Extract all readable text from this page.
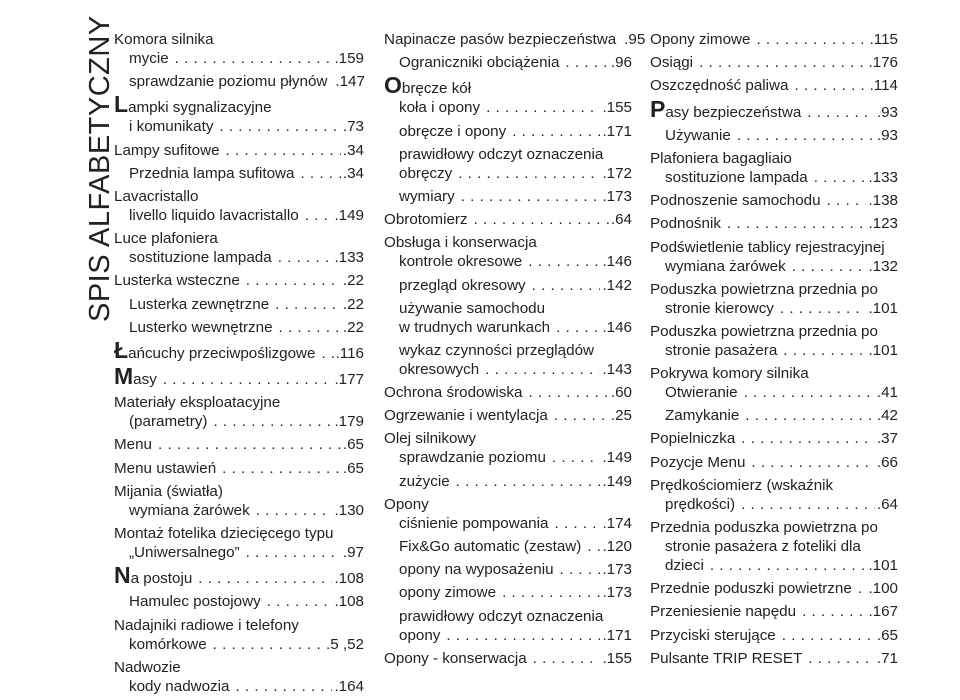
SPIS ALFABETYCZNY
Komora silnika
mycie . . .	.159
sprawdzanie poziomu płynów .147
L ampki sygnalizacyjne
i komunikaty . . .	.73
Lampy sufitowe . . .	.34
Przednia lampa sufitowa . . .	.34
Lavacristallo
livello liquido lavacristallo . . . .149
Luce plafoniera
sostituzione lampada . . .	.133
Lusterka wsteczne . . .	.22
Lusterka zewnętrzne . . .	.22
Lusterko wewnętrzne . . .	.22
Ł ańcuchy przeciwpoślizgowe . . . .116
M asy . . .	.177
Materiały eksploatacyjne
(parametry) . . .	.179
Menu . . .	.65
Menu ustawień . . .	.65
Mijania (światła)
wymiana żarówek . . .	.130
Montaż fotelika dziecięcego typu
„Uniwersalnego” . . .	.97
N a postoju . . .	.108
Hamulec postojowy . . .	.108
Nadajniki radiowe i telefony
komórkowe . . .	.5 ,52
Nadwozie
kody nadwozia . . .	.164
Napinacze pasów bezpieczeństwa .95
Ograniczniki obciążenia . . .	.96
O bręcze kół
koła i opony . . .	.155
obręcze i opony . . .	.171
prawidłowy odczyt oznaczenia
obręczy . . .	.172
wymiary . . .	.173
Obrotomierz . . .	.64
Obsługa i konserwacja
kontrole okresowe . . .	.146
przegląd okresowy . . .	.142
używanie samochodu
w trudnych warunkach . . .	.146
wykaz czynności przeglądów
okresowych . . .	.143
Ochrona środowiska . . .	.60
Ogrzewanie i wentylacja . . .	.25
Olej silnikowy
sprawdzanie poziomu . . .	.149
zużycie . . .	.149
Opony
ciśnienie pompowania . . .	.174
Fix&Go automatic (zestaw) . . . .120
opony na wyposażeniu . . .	.173
opony zimowe . . .	.173
prawidłowy odczyt oznaczenia
opony . . .	.171
Opony - konserwacja . . .	.155
Opony zimowe . . .	.115
Osiągi . . .	.176
Oszczędność paliwa . . .	.114
P asy bezpieczeństwa . . .	.93
Używanie . . .	.93
Plafoniera bagagliaio
sostituzione lampada . . .	.133
Podnoszenie samochodu . . .	.138
Podnośnik . . .	.123
Podświetlenie tablicy rejestracyjnej
wymiana żarówek . . .	.132
Poduszka powietrzna przednia po
stronie kierowcy . . .	.101
Poduszka powietrzna przednia po
stronie pasażera . . .	.101
Pokrywa komory silnika
Otwieranie . . .	.41
Zamykanie . . .	.42
Popielniczka . . .	.37
Pozycje Menu . . .	.66
Prędkościomierz (wskaźnik
prędkości) . . .	.64
Przednia poduszka powietrzna po
stronie pasażera z foteliki dla
dzieci . . .	.101
Przednie poduszki powietrzne . . . .100
Przeniesienie napędu . . .	.167
Przyciski sterujące . . .	.65
Pulsante TRIP RESET . . .	.71
